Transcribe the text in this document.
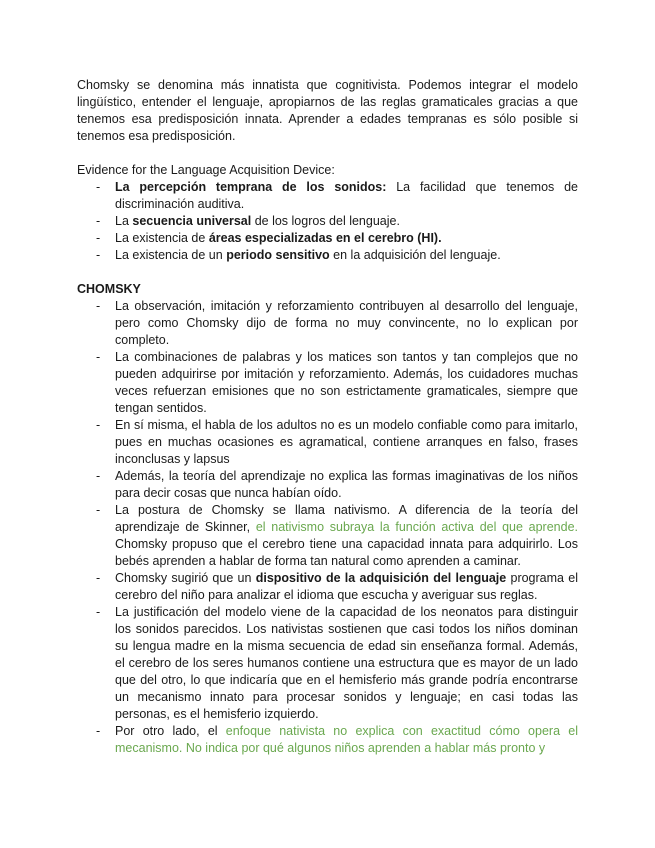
Chomsky se denomina más innatista que cognitivista. Podemos integrar el modelo lingüístico, entender el lenguaje, apropiarnos de las reglas gramaticales gracias a que tenemos esa predisposición innata. Aprender a edades tempranas es sólo posible si tenemos esa predisposición.

Evidence for the Language Acquisition Device:

- La percepción temprana de los sonidos: La facilidad que tenemos de discriminación auditiva.
- La secuencia universal de los logros del lenguaje.
- La existencia de áreas especializadas en el cerebro (HI).
- La existencia de un periodo sensitivo en la adquisición del lenguaje.

CHOMSKY

- La observación, imitación y reforzamiento contribuyen al desarrollo del lenguaje, pero como Chomsky dijo de forma no muy convincente, no lo explican por completo.
- La combinaciones de palabras y los matices son tantos y tan complejos que no pueden adquirirse por imitación y reforzamiento. Además, los cuidadores muchas veces refuerzan emisiones que no son estrictamente gramaticales, siempre que tengan sentidos.
- En sí misma, el habla de los adultos no es un modelo confiable como para imitarlo, pues en muchas ocasiones es agramatical, contiene arranques en falso, frases inconclusas y lapsus
- Además, la teoría del aprendizaje no explica las formas imaginativas de los niños para decir cosas que nunca habían oído.
- La postura de Chomsky se llama nativismo. A diferencia de la teoría del aprendizaje de Skinner, el nativismo subraya la función activa del que aprende. Chomsky propuso que el cerebro tiene una capacidad innata para adquirirlo. Los bebés aprenden a hablar de forma tan natural como aprenden a caminar.
- Chomsky sugirió que un dispositivo de la adquisición del lenguaje programa el cerebro del niño para analizar el idioma que escucha y averiguar sus reglas.
- La justificación del modelo viene de la capacidad de los neonatos para distinguir los sonidos parecidos. Los nativistas sostienen que casi todos los niños dominan su lengua madre en la misma secuencia de edad sin enseñanza formal. Además, el cerebro de los seres humanos contiene una estructura que es mayor de un lado que del otro, lo que indicaría que en el hemisferio más grande podría encontrarse un mecanismo innato para procesar sonidos y lenguaje; en casi todas las personas, es el hemisferio izquierdo.
- Por otro lado, el enfoque nativista no explica con exactitud cómo opera el mecanismo. No indica por qué algunos niños aprenden a hablar más pronto y
